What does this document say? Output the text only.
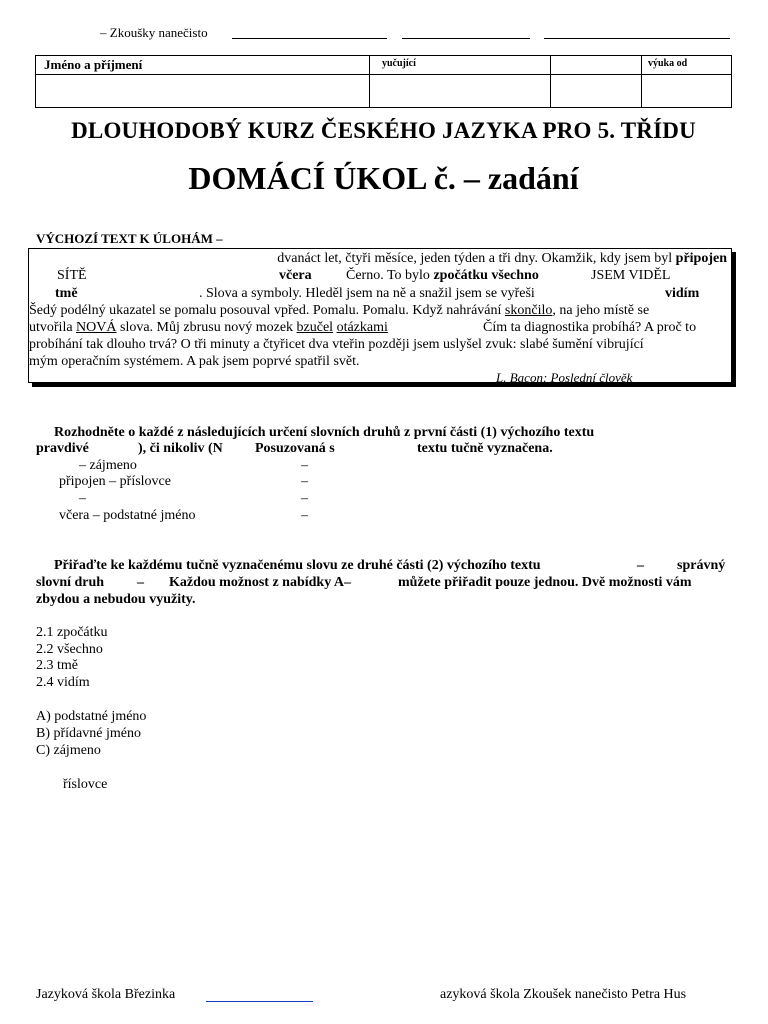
– Zkoušky nanečisto
Jméno a příjmení	yučující	výuka od
DLOUHODOBÝ KURZ ČESKÉHO JAZYKA PRO 5. TŘÍDU
DOMÁCÍ ÚKOL č. – zadání
VÝCHOZÍ TEXT K ÚLOHÁM –
dvanáct let, čtyři měsíce, jeden týden a tři dny. Okamžik, kdy jsem byl připojen
SÍTĚ	včera Černo. To bylo zpočátku všechno	JSEM VIDĚL
tmě	. Slova a symboly. Hleděl jsem na ně a snažil jsem se vyřeši	vidím
Šedý podélný ukazatel se pomalu posouval vpřed. Pomalu. Pomalu. Když nahrávání skončilo, na jeho místě se
utvořila NOVÁ slova. Můj zbrusu nový mozek bzučel otázkami	Čím ta diagnostika probíhá? A proč to
probíhání tak dlouho trvá? O tři minuty a čtyřicet dva vteřin později jsem uslyšel zvuk: slabé šumění vibrující
mým operačním systémem. A pak jsem poprvé spatřil svět.
L. Bacon: Poslední člověk
Rozhodněte o každé z následujících určení slovních druhů z první části (1) výchozího textu
pravdivé	), či nikoliv (N Posuzovaná s	textu tučně vyznačena.
– zájmeno	–
připojen – příslovce	–
–	–
včera – podstatné jméno	–
Přiřaďte ke každému tučně vyznačenému slovu ze druhé části (2) výchozího textu	– správný
slovní druh – Každou možnost z nabídky A–	můžete přiřadit pouze jednou. Dvě možnosti vám
zbydou a nebudou využity.
2.1 zpočátku
2.2 všechno
2.3 tmě
2.4 vidím
A) podstatné jméno
B) přídavné jméno
C) zájmeno
říslovce
Jazyková škola Březinka	azyková škola Zkoušek nanečisto Petra Hus
